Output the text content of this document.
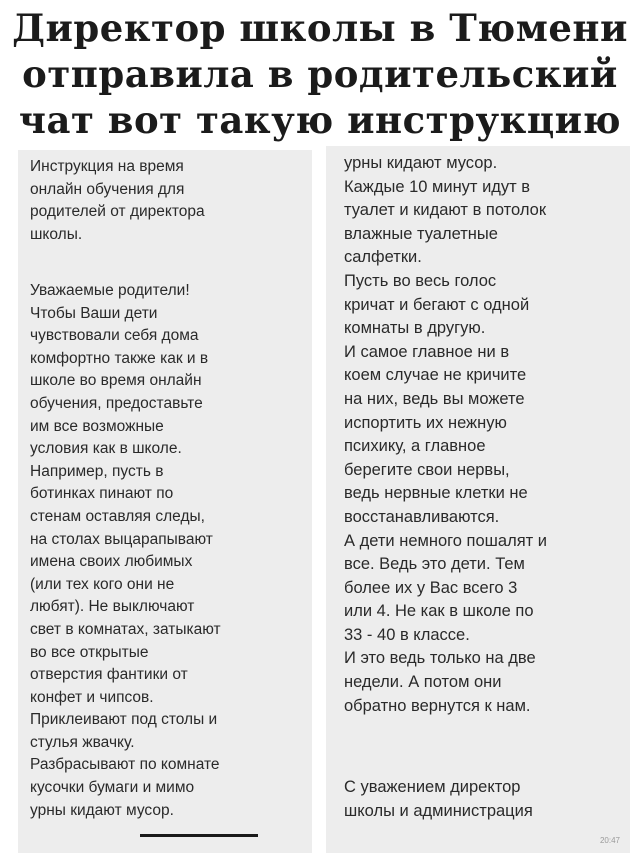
Директор школы в Тюмени
отправила в родительский
чат вот такую инструкцию
Инструкция на время
онлайн обучения для
родителей от директора
школы.
Уважаемые родители!
Чтобы Ваши дети
чувствовали себя дома
комфортно также как и в
школе во время онлайн
обучения, предоставьте
им все возможные
условия как в школе.
Например, пусть в
ботинках пинают по
стенам оставляя следы,
на столах выцарапывают
имена своих любимых
(или тех кого они не
любят). Не выключают
свет в комнатах, затыкают
во все открытые
отверстия фантики от
конфет и чипсов.
Приклеивают под столы и
стулья жвачку.
Разбрасывают по комнате
кусочки бумаги и мимо
урны кидают мусор.
урны кидают мусор.
Каждые 10 минут идут в
туалет и кидают в потолок
влажные туалетные
салфетки.
Пусть во весь голос
кричат и бегают с одной
комнаты в другую.
И самое главное ни в
коем случае не кричите
на них, ведь вы можете
испортить их нежную
психику, а главное
берегите свои нервы,
ведь нервные клетки не
восстанавливаются.
А дети немного пошалят и
все. Ведь это дети. Тем
более их у Вас всего 3
или 4. Не как в школе по
33 - 40 в классе.
И это ведь только на две
недели. А потом они
обратно вернутся к нам.
С уважением директор
школы и администрация
20:47
